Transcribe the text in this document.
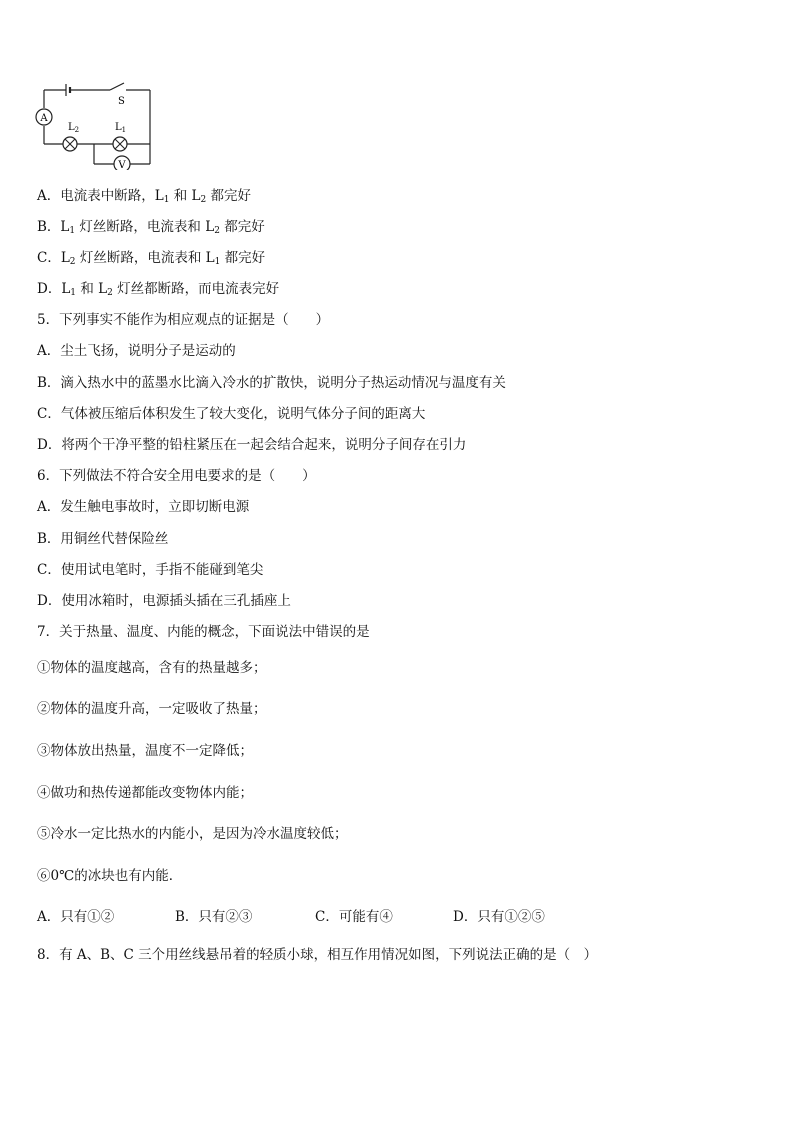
A
$L_2$	$L_1$
V
S
A．电流表中断路，$L_1$ 和 $L_2$ 都完好
B．$L_1$ 灯丝断路，电流表和 $L_2$ 都完好
C．$L_2$ 灯丝断路，电流表和 $L_1$ 都完好
D．$L_1$ 和 $L_2$ 灯丝都断路，而电流表完好
5．下列事实不能作为相应观点的证据是（　　）
A．尘土飞扬，说明分子是运动的
B．滴入热水中的蓝墨水比滴入冷水的扩散快，说明分子热运动情况与温度有关
C．气体被压缩后体积发生了较大变化，说明气体分子间的距离大
D．将两个干净平整的铅柱紧压在一起会结合起来，说明分子间存在引力
6．下列做法不符合安全用电要求的是（　　）
A．发生触电事故时，立即切断电源
B．用铜丝代替保险丝
C．使用试电笔时，手指不能碰到笔尖
D．使用冰箱时，电源插头插在三孔插座上
7．关于热量、温度、内能的概念，下面说法中错误的是
①物体的温度越高，含有的热量越多；
②物体的温度升高，一定吸收了热量；
③物体放出热量，温度不一定降低；
④做功和热传递都能改变物体内能；
⑤冷水一定比热水的内能小，是因为冷水温度较低；
⑥0℃的冰块也有内能．
A．只有①②	B．只有②③	C．可能有④	D．只有①②⑤
8．有 A、B、C 三个用丝线悬吊着的轻质小球，相互作用情况如图，下列说法正确的是（　）
